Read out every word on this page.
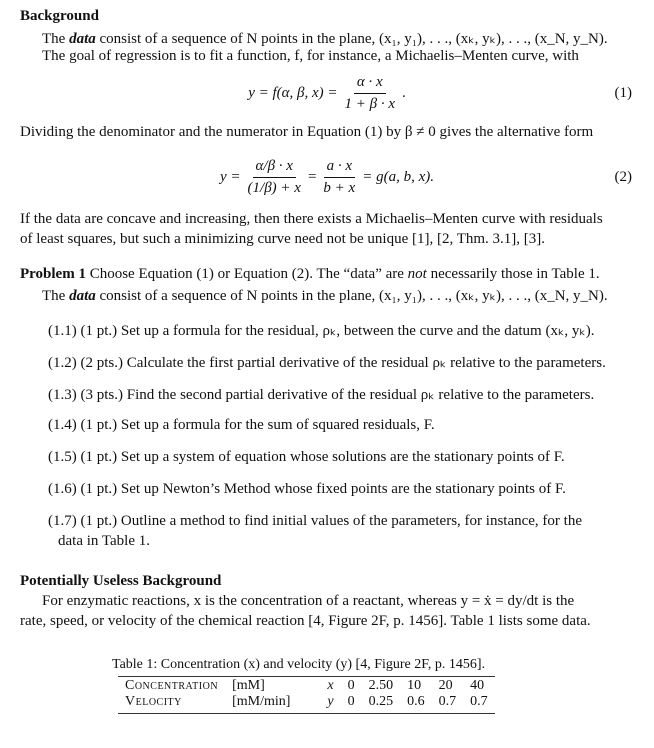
Background
The data consist of a sequence of N points in the plane, (x₁, y₁), . . ., (xₖ, yₖ), . . ., (x_N, y_N).
The goal of regression is to fit a function, f, for instance, a Michaelis–Menten curve, with
y = f(α, β, $x) = \frac{\alpha \cdot x}{1 + \beta \cdot x}$ .	(1)
Dividing the denominator and the numerator in Equation (1) by β ≠ 0 gives the alternative form
$y = \frac{\alpha/\beta \cdot x}{(1/\beta) + x} = \frac{a \cdot x}{b + x} = g(a$, b, x).	(2)
If the data are concave and increasing, then there exists a Michaelis–Menten curve with residuals
of least squares, but such a minimizing curve need not be unique [1], [2, Thm. 3.1], [3].
Problem 1 Choose Equation (1) or Equation (2). The “data” are not necessarily those in Table 1.
The data consist of a sequence of N points in the plane, (x₁, y₁), . . ., (xₖ, yₖ), . . ., (x_N, y_N).
(1.1) (1 pt.) Set up a formula for the residual, ρₖ, between the curve and the datum (xₖ, yₖ).
(1.2) (2 pts.) Calculate the first partial derivative of the residual ρₖ relative to the parameters.
(1.3) (3 pts.) Find the second partial derivative of the residual ρₖ relative to the parameters.
(1.4) (1 pt.) Set up a formula for the sum of squared residuals, F.
(1.5) (1 pt.) Set up a system of equation whose solutions are the stationary points of F.
(1.6) (1 pt.) Set up Newton’s Method whose fixed points are the stationary points of F.
(1.7) (1 pt.) Outline a method to find initial values of the parameters, for instance, for the
data in Table 1.
Potentially Useless Background
For enzymatic reactions, x is the concentration of a reactant, whereas y = ẋ = dy/dt is the
rate, speed, or velocity of the chemical reaction [4, Figure 2F, p. 1456]. Table 1 lists some data.
Table 1: Concentration (x) and velocity (y) [4, Figure 2F, p. 1456].
Concentration	[mM]	x	0	2.50	10	20	40
Velocity	[mM/min]	y	0	0.25	0.6	0.7	0.7
